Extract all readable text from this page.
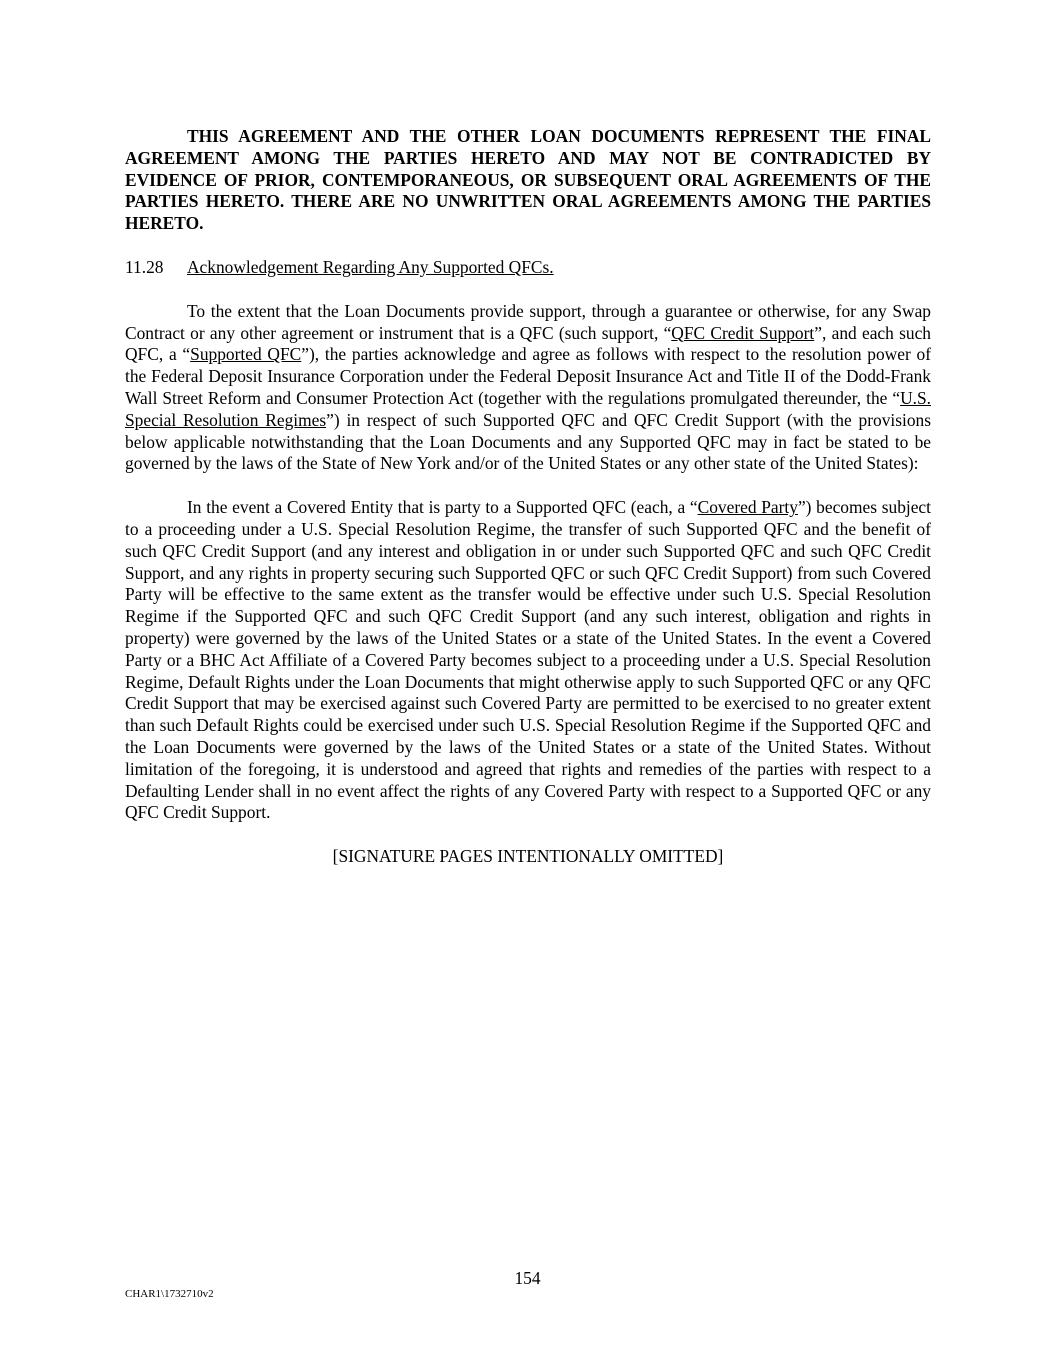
THIS AGREEMENT AND THE OTHER LOAN DOCUMENTS REPRESENT THE FINAL AGREEMENT AMONG THE PARTIES HERETO AND MAY NOT BE CONTRADICTED BY EVIDENCE OF PRIOR, CONTEMPORANEOUS, OR SUBSEQUENT ORAL AGREEMENTS OF THE PARTIES HERETO. THERE ARE NO UNWRITTEN ORAL AGREEMENTS AMONG THE PARTIES HERETO.

11.28	Acknowledgement Regarding Any Supported QFCs.

To the extent that the Loan Documents provide support, through a guarantee or otherwise, for any Swap Contract or any other agreement or instrument that is a QFC (such support, “QFC Credit Support”, and each such QFC, a “Supported QFC”), the parties acknowledge and agree as follows with respect to the resolution power of the Federal Deposit Insurance Corporation under the Federal Deposit Insurance Act and Title II of the Dodd-Frank Wall Street Reform and Consumer Protection Act (together with the regulations promulgated thereunder, the “U.S. Special Resolution Regimes”) in respect of such Supported QFC and QFC Credit Support (with the provisions below applicable notwithstanding that the Loan Documents and any Supported QFC may in fact be stated to be governed by the laws of the State of New York and/or of the United States or any other state of the United States):

In the event a Covered Entity that is party to a Supported QFC (each, a “Covered Party”) becomes subject to a proceeding under a U.S. Special Resolution Regime, the transfer of such Supported QFC and the benefit of such QFC Credit Support (and any interest and obligation in or under such Supported QFC and such QFC Credit Support, and any rights in property securing such Supported QFC or such QFC Credit Support) from such Covered Party will be effective to the same extent as the transfer would be effective under such U.S. Special Resolution Regime if the Supported QFC and such QFC Credit Support (and any such interest, obligation and rights in property) were governed by the laws of the United States or a state of the United States. In the event a Covered Party or a BHC Act Affiliate of a Covered Party becomes subject to a proceeding under a U.S. Special Resolution Regime, Default Rights under the Loan Documents that might otherwise apply to such Supported QFC or any QFC Credit Support that may be exercised against such Covered Party are permitted to be exercised to no greater extent than such Default Rights could be exercised under such U.S. Special Resolution Regime if the Supported QFC and the Loan Documents were governed by the laws of the United States or a state of the United States. Without limitation of the foregoing, it is understood and agreed that rights and remedies of the parties with respect to a Defaulting Lender shall in no event affect the rights of any Covered Party with respect to a Supported QFC or any QFC Credit Support.

[SIGNATURE PAGES INTENTIONALLY OMITTED]

154
CHAR1\1732710v2
